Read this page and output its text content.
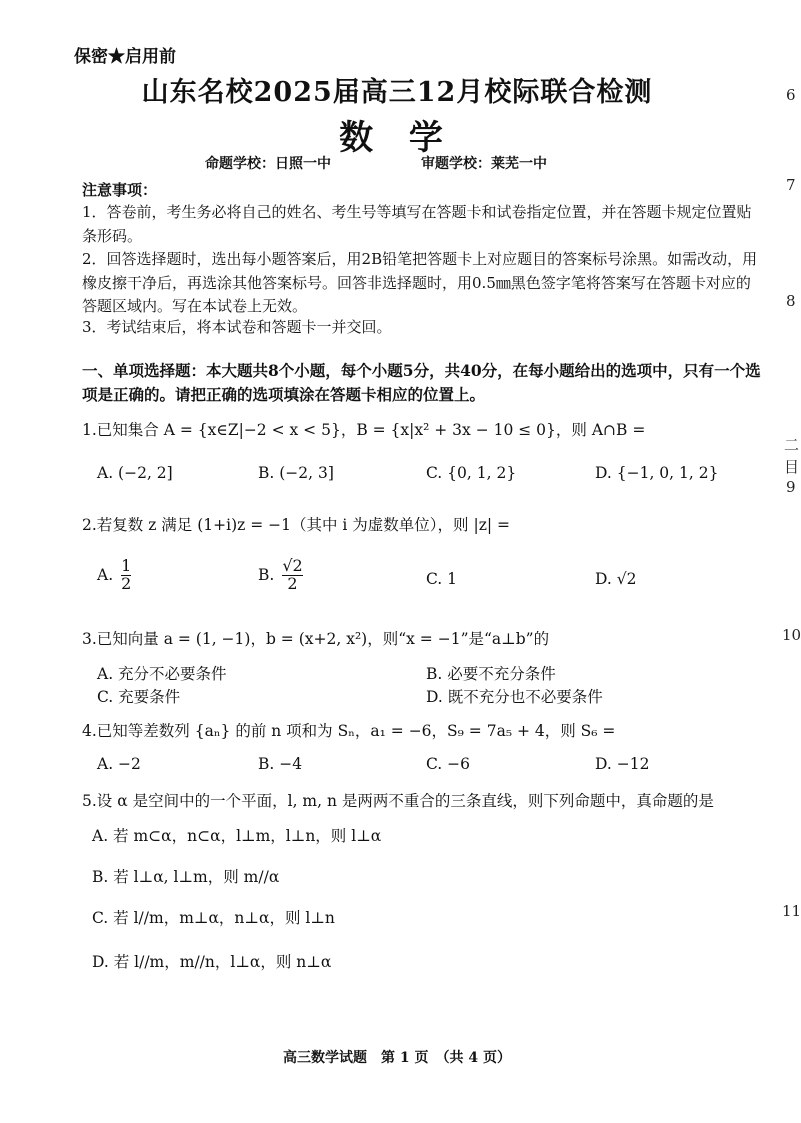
保密★启用前
山东名校2025届高三12月校际联合检测
数 学
命题学校：日照一中	审题学校：莱芜一中
注意事项：
1．答卷前，考生务必将自己的姓名、考生号等填写在答题卡和试卷指定位置，并在答题卡规定位置贴条形码。
2．回答选择题时，选出每小题答案后，用2B铅笔把答题卡上对应题目的答案标号涂黑。如需改动，用橡皮擦干净后，再选涂其他答案标号。回答非选择题时，用0.5㎜黑色签字笔将答案写在答题卡对应的答题区域内。写在本试卷上无效。
3．考试结束后，将本试卷和答题卡一并交回。
一、单项选择题：本大题共8个小题，每个小题5分，共40分，在每小题给出的选项中，只有一个选项是正确的。请把正确的选项填涂在答题卡相应的位置上。
1.已知集合 A = {x∈Z|−2 < x < 5}，B = {x|x² + 3x − 10 ≤ 0}，则 A∩B =
A. (−2, 2]	B. (−2, 3]	C. {0, 1, 2}	D. {−1, 0, 1, 2}
2.若复数 z 满足 (1+i)z = −1（其中 i 为虚数单位），则 |z| =
A. $\frac{1}{2}$	B. $\frac{√2}{2}$	C. 1	D. √2
3.已知向量 a = (1, −1)，b = (x+2, x²)，则“x = −1”是“a⊥b”的
A. 充分不必要条件	B. 必要不充分条件
C. 充要条件	D. 既不充分也不必要条件
4.已知等差数列 {aₙ} 的前 n 项和为 Sₙ，a₁ = −6，S₉ = 7a₅ + 4，则 S₆ =
A. −2	B. −4	C. −6	D. −12
5.设 α 是空间中的一个平面，l, m, n 是两两不重合的三条直线，则下列命题中，真命题的是
A. 若 m⊂α，n⊂α，l⊥m，l⊥n，则 l⊥α
B. 若 l⊥α, l⊥m，则 m//α
C. 若 l//m，m⊥α，n⊥α，则 l⊥n
D. 若 l//m，m//n，l⊥α，则 n⊥α
高三数学试题　第 1 页　（共 4 页）
6
7
8
二
目
9
10
11
